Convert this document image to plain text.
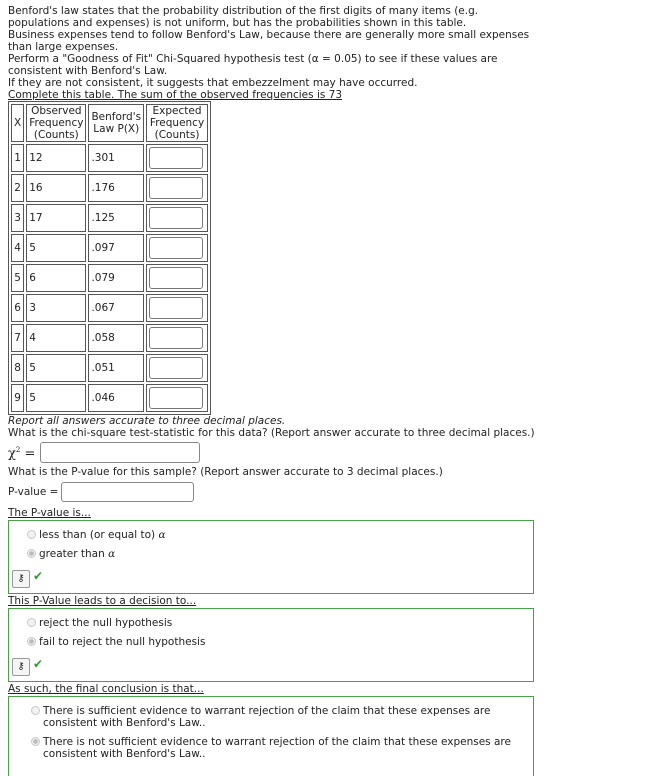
Benford's law states that the probability distribution of the first digits of many items (e.g. populations and expenses) is not uniform, but has the probabilities shown in this table.

Business expenses tend to follow Benford's Law, because there are generally more small expenses than large expenses.

Perform a "Goodness of Fit" Chi-Squared hypothesis test (α = 0.05) to see if these values are consistent with Benford's Law.

If they are not consistent, it suggests that embezzelment may have occurred.

Complete this table. The sum of the observed frequencies is 73

X	Observed Frequency (Counts)	Benford's Law P(X)	Expected Frequency (Counts)
1	12	.301	

2	16	.176	

3	17	.125	

4	5	.097	

5	6	.079	

6	3	.067	

7	4	.058	

8	5	.051	

9	5	.046	

Report all answers accurate to three decimal places.

What is the chi-square test-statistic for this data? (Report answer accurate to three decimal places.)

$\chi^2$ =

What is the P-value for this sample? (Report answer accurate to 3 decimal places.)

P-value =
The P-value is...
less than (or equal to)
α
greater than
α
⚷ ✔
This P-Value leads to a decision to...
reject the null hypothesis
fail to reject the null hypothesis
⚷ ✔
As such, the final conclusion is that...
There is sufficient evidence to warrant rejection of the claim that these expenses are consistent with Benford's Law..
There is not sufficient evidence to warrant rejection of the claim that these expenses are consistent with Benford's Law..
